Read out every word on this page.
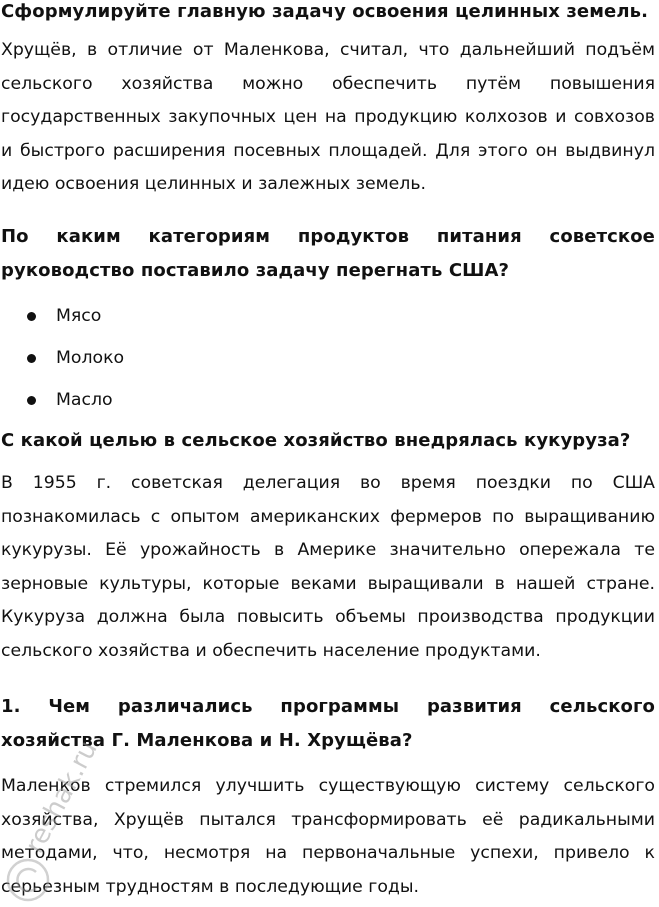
Сформулируйте главную задачу освоения целинных земель.

Хрущёв, в отличие от Маленкова, считал, что дальнейший подъём сельского хозяйства можно обеспечить путём повышения государственных закупочных цен на продукцию колхозов и совхозов и быстрого расширения посевных площадей. Для этого он выдвинул идею освоения целинных и залежных земель.

По каким категориям продуктов питания советское руководство поставило задачу перегнать США?

Мясо
Молоко
Масло

С какой целью в сельское хозяйство внедрялась кукуруза?

В 1955 г. советская делегация во время поездки по США познакомилась с опытом американских фермеров по выращиванию кукурузы. Её урожайность в Америке значительно опережала те зерновые культуры, которые веками выращивали в нашей стране. Кукуруза должна была повысить объемы производства продукции сельского хозяйства и обеспечить население продуктами.

1. Чем различались программы развития сельского хозяйства Г. Маленкова и Н. Хрущёва?

Маленков стремился улучшить существующую систему сельского хозяйства, Хрущёв пытался трансформировать её радикальными методами, что, несмотря на первоначальные успехи, привело к серьезным трудностям в последующие годы.

reshak.ru
